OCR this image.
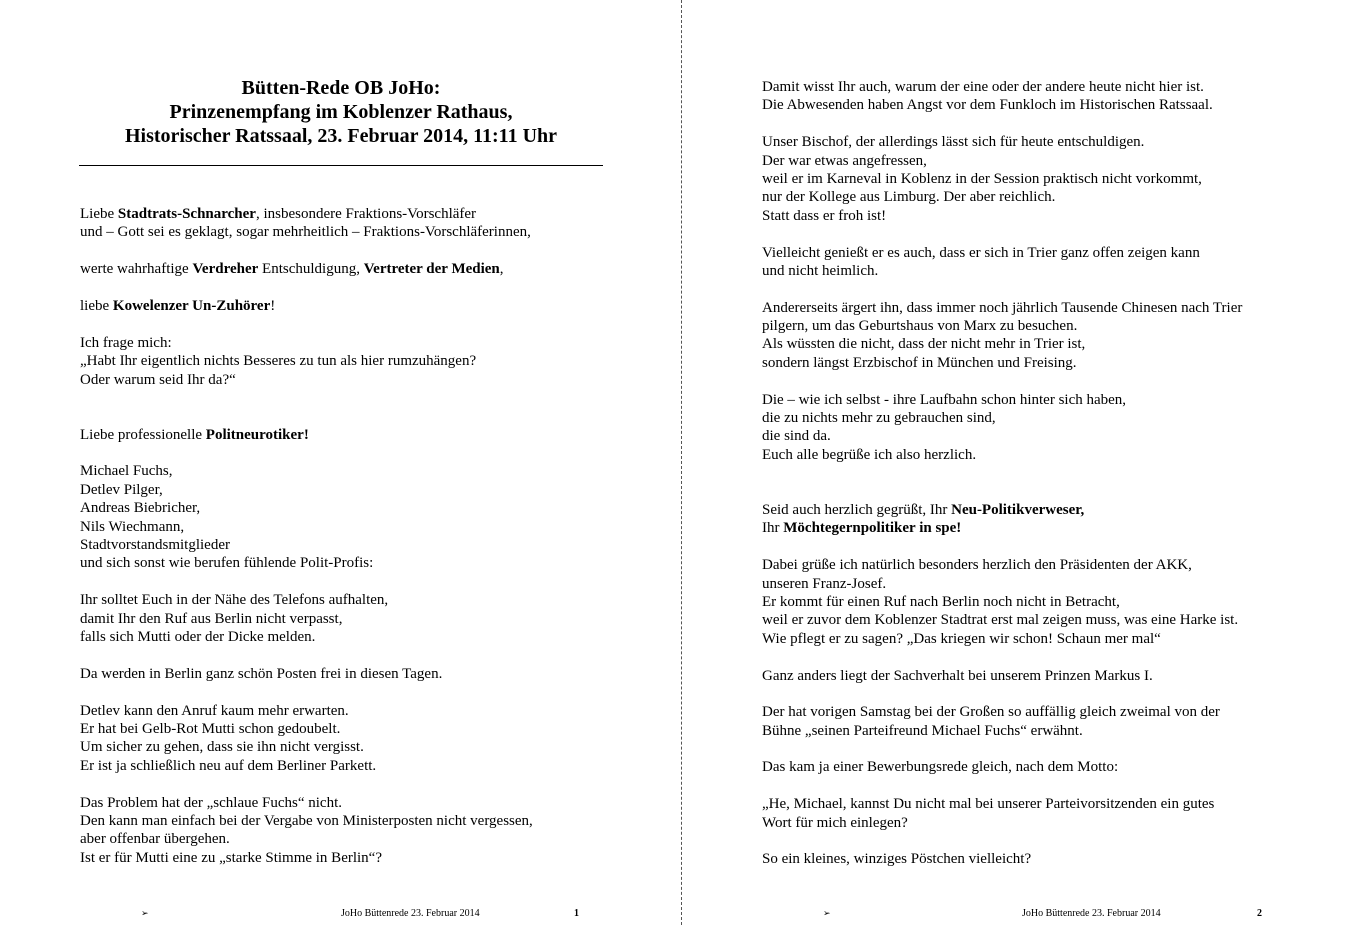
Bütten-Rede OB JoHo:
Prinzenempfang im Koblenzer Rathaus,
Historischer Ratssaal, 23. Februar 2014, 11:11 Uhr
Liebe Stadtrats-Schnarcher, insbesondere Fraktions-Vorschläfer
und – Gott sei es geklagt, sogar mehrheitlich – Fraktions-Vorschläferinnen,
werte wahrhaftige Verdreher Entschuldigung, Vertreter der Medien,
liebe Kowelenzer Un-Zuhörer!
Ich frage mich:
„Habt Ihr eigentlich nichts Besseres zu tun als hier rumzuhängen?
Oder warum seid Ihr da?“
Liebe professionelle Politneurotiker!
Michael Fuchs,
Detlev Pilger,
Andreas Biebricher,
Nils Wiechmann,
Stadtvorstandsmitglieder
und sich sonst wie berufen fühlende Polit-Profis:
Ihr solltet Euch in der Nähe des Telefons aufhalten,
damit Ihr den Ruf aus Berlin nicht verpasst,
falls sich Mutti oder der Dicke melden.
Da werden in Berlin ganz schön Posten frei in diesen Tagen.
Detlev kann den Anruf kaum mehr erwarten.
Er hat bei Gelb-Rot Mutti schon gedoubelt.
Um sicher zu gehen, dass sie ihn nicht vergisst.
Er ist ja schließlich neu auf dem Berliner Parkett.
Das Problem hat der „schlaue Fuchs“ nicht.
Den kann man einfach bei der Vergabe von Ministerposten nicht vergessen,
aber offenbar übergehen.
Ist er für Mutti eine zu „starke Stimme in Berlin“?
➢	JoHo Büttenrede 23. Februar 2014	1
Damit wisst Ihr auch, warum der eine oder der andere heute nicht hier ist.
Die Abwesenden haben Angst vor dem Funkloch im Historischen Ratssaal.
Unser Bischof, der allerdings lässt sich für heute entschuldigen.
Der war etwas angefressen,
weil er im Karneval in Koblenz in der Session praktisch nicht vorkommt,
nur der Kollege aus Limburg. Der aber reichlich.
Statt dass er froh ist!
Vielleicht genießt er es auch, dass er sich in Trier ganz offen zeigen kann
und nicht heimlich.
Andererseits ärgert ihn, dass immer noch jährlich Tausende Chinesen nach Trier
pilgern, um das Geburtshaus von Marx zu besuchen.
Als wüssten die nicht, dass der nicht mehr in Trier ist,
sondern längst Erzbischof in München und Freising.
Die – wie ich selbst - ihre Laufbahn schon hinter sich haben,
die zu nichts mehr zu gebrauchen sind,
die sind da.
Euch alle begrüße ich also herzlich.
Seid auch herzlich gegrüßt, Ihr Neu-Politikverweser,
Ihr Möchtegernpolitiker in spe!
Dabei grüße ich natürlich besonders herzlich den Präsidenten der AKK,
unseren Franz-Josef.
Er kommt für einen Ruf nach Berlin noch nicht in Betracht,
weil er zuvor dem Koblenzer Stadtrat erst mal zeigen muss, was eine Harke ist.
Wie pflegt er zu sagen? „Das kriegen wir schon! Schaun mer mal“
Ganz anders liegt der Sachverhalt bei unserem Prinzen Markus I.
Der hat vorigen Samstag bei der Großen so auffällig gleich zweimal von der
Bühne „seinen Parteifreund Michael Fuchs“ erwähnt.
Das kam ja einer Bewerbungsrede gleich, nach dem Motto:
„He, Michael, kannst Du nicht mal bei unserer Parteivorsitzenden ein gutes
Wort für mich einlegen?
So ein kleines, winziges Pöstchen vielleicht?
➢	JoHo Büttenrede 23. Februar 2014	2
